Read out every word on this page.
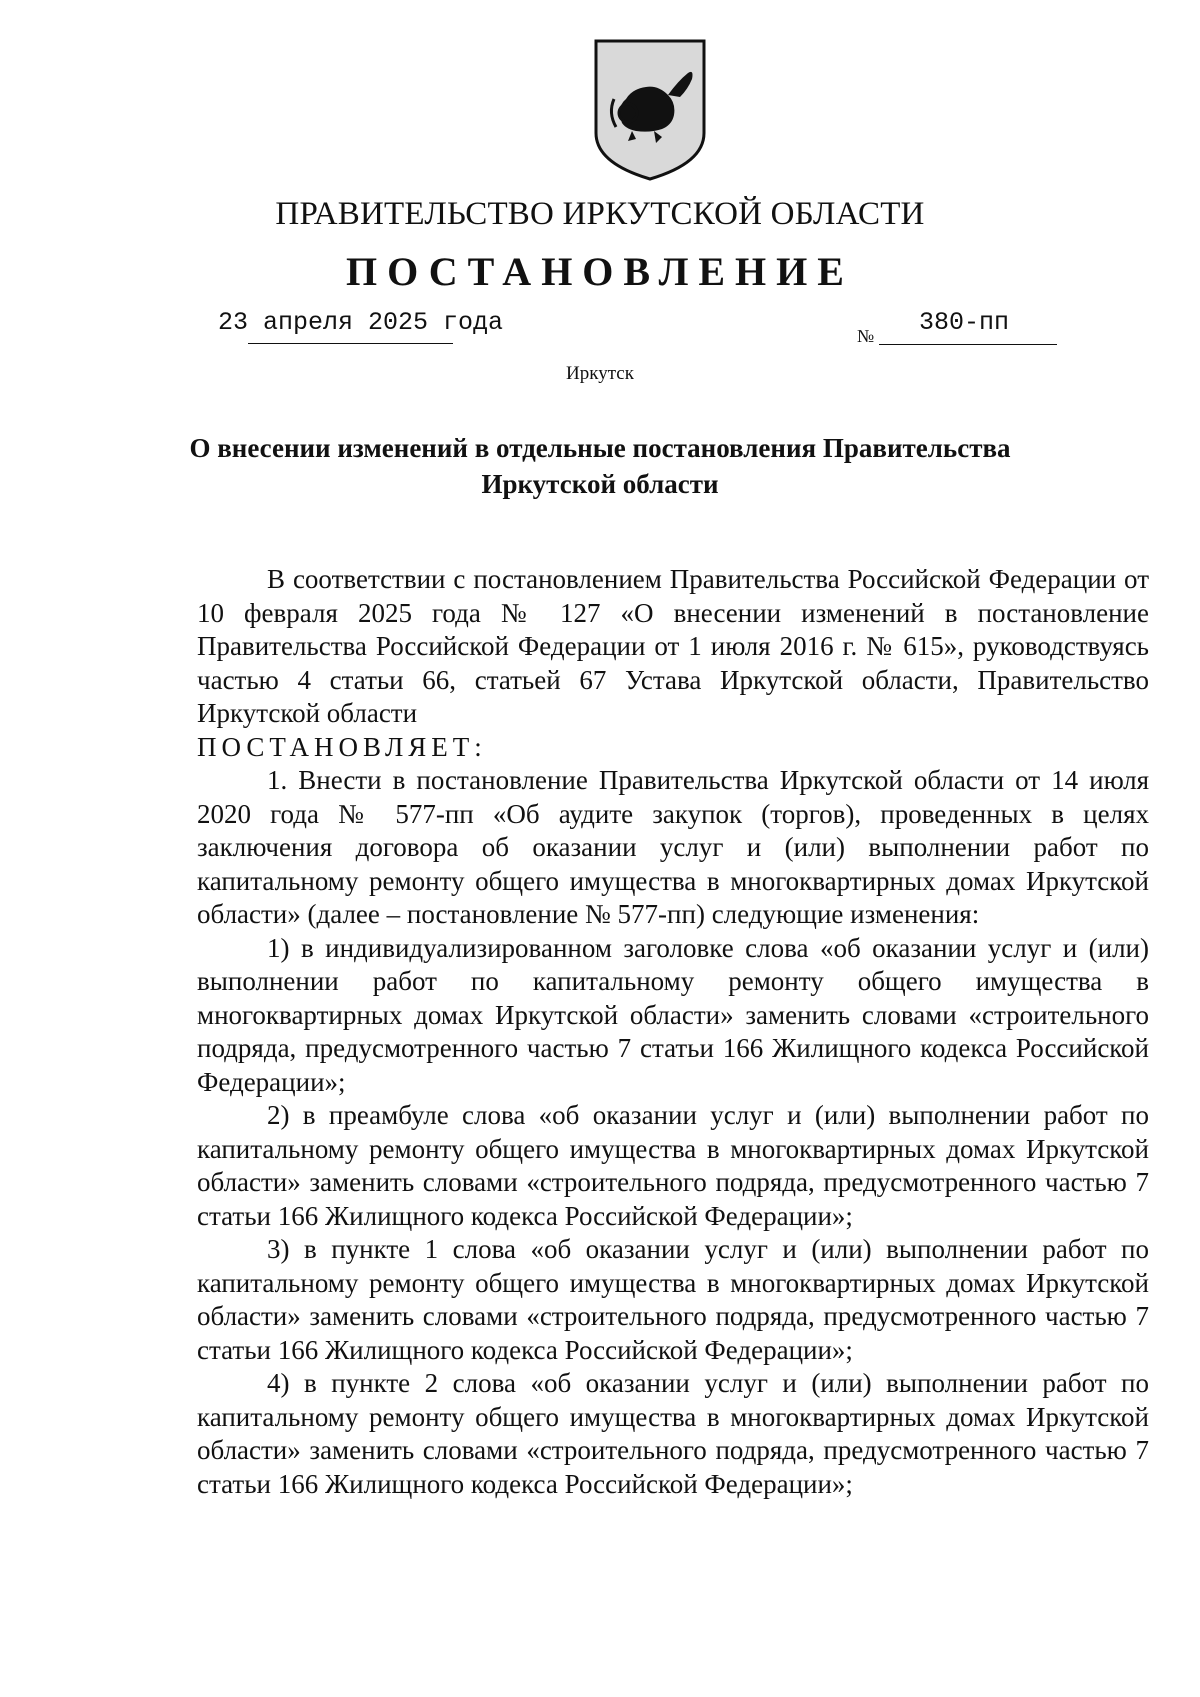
ПРАВИТЕЛЬСТВО ИРКУТСКОЙ ОБЛАСТИ
ПОСТАНОВЛЕНИЕ
23 апреля 2025 года	№ 380-пп
Иркутск
О внесении изменений в отдельные постановления Правительства
Иркутской области

В соответствии с постановлением Правительства Российской Федерации от 10 февраля 2025 года № 127 «О внесении изменений в постановление Правительства Российской Федерации от 1 июля 2016 г. № 615», руководствуясь частью 4 статьи 66, статьей 67 Устава Иркутской области, Правительство Иркутской области

ПОСТАНОВЛЯЕТ:

1. Внести в постановление Правительства Иркутской области от 14 июля 2020 года № 577-пп «Об аудите закупок (торгов), проведенных в целях заключения договора об оказании услуг и (или) выполнении работ по капитальному ремонту общего имущества в многоквартирных домах Иркутской области» (далее – постановление № 577-пп) следующие изменения:

1) в индивидуализированном заголовке слова «об оказании услуг и (или) выполнении работ по капитальному ремонту общего имущества в многоквартирных домах Иркутской области» заменить словами «строительного подряда, предусмотренного частью 7 статьи 166 Жилищного кодекса Российской Федерации»;

2) в преамбуле слова «об оказании услуг и (или) выполнении работ по капитальному ремонту общего имущества в многоквартирных домах Иркутской области» заменить словами «строительного подряда, предусмотренного частью 7 статьи 166 Жилищного кодекса Российской Федерации»;

3) в пункте 1 слова «об оказании услуг и (или) выполнении работ по капитальному ремонту общего имущества в многоквартирных домах Иркутской области» заменить словами «строительного подряда, предусмотренного частью 7 статьи 166 Жилищного кодекса Российской Федерации»;

4) в пункте 2 слова «об оказании услуг и (или) выполнении работ по капитальному ремонту общего имущества в многоквартирных домах Иркутской области» заменить словами «строительного подряда, предусмотренного частью 7 статьи 166 Жилищного кодекса Российской Федерации»;
